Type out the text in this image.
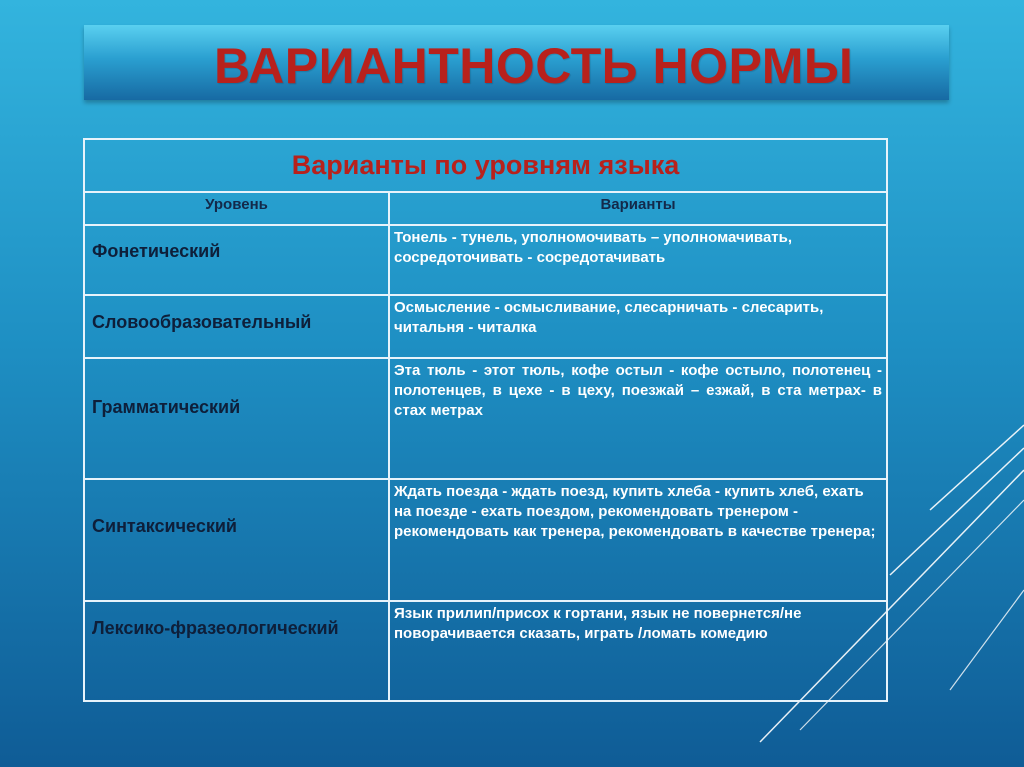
ВАРИАНТНОСТЬ НОРМЫ
Варианты по уровням языка	
Уровень	Варианты
Фонетический	Тонель - тунель, уполномочивать – уполномачивать, сосредоточивать - сосредотачивать
Словообразовательный	Осмысление - осмысливание, слесарничать - слесарить, читальня - читалка
Грамматический	Эта тюль - этот тюль, кофе остыл - кофе остыло, полотенец - полотенцев, в цехе - в цеху, поезжай – езжай, в ста метрах- в стах метрах
Синтаксический	Ждать поезда - ждать поезд, купить хлеба - купить хлеб, ехать на поезде - ехать поездом, рекомендовать тренером - рекомендовать как тренера, рекомендовать в качестве тренера;
Лексико-фразеологический	Язык прилип/присох к гортани, язык не повернется/не поворачивается сказать, играть /ломать комедию
